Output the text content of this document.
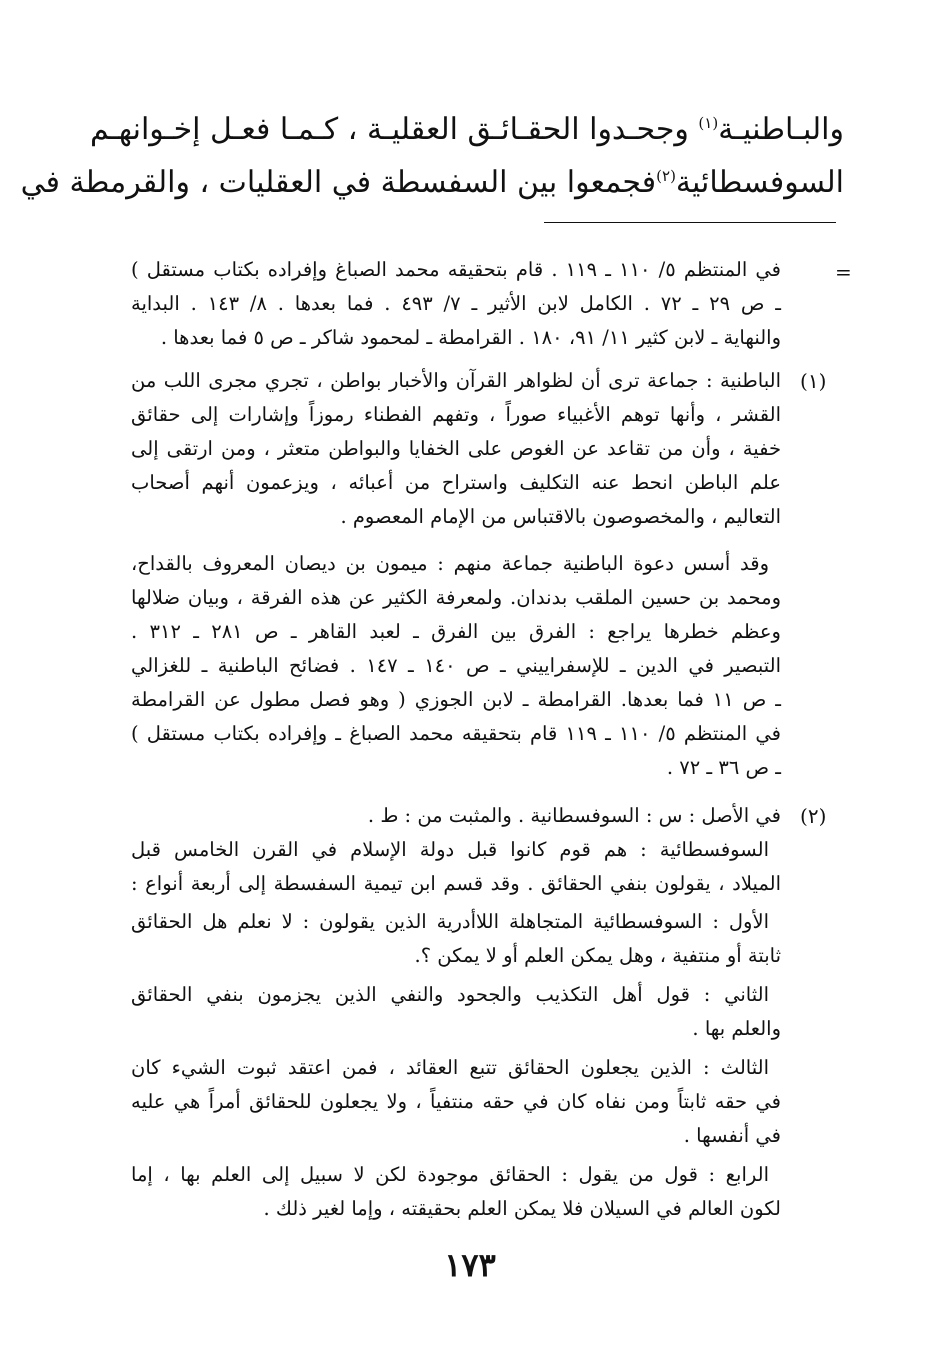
والبـاطنيـة$^{(١)}$ وجحـدوا الحقـائـق العقليـة ، كـمـا فعـل إخـوانهـم
السوفسطائية$^{(٢)}$فجمعوا بين السفسطة في العقليات ، والقرمطة في
=
في المنتظم ٥/ ١١٠ ـ ١١٩ . قام بتحقيقه محمد الصباغ وإفراده بكتاب مستقل )
ـ ص ٢٩ ـ ٧٢ . الكامل لابن الأثير ـ ٧/ ٤٩٣ . فما بعدها . ٨/ ١٤٣ . البداية
والنهاية ـ لابن كثير ١١/ ٩١، ١٨٠ . القرامطة ـ لمحمود شاكر ـ ص ٥ فما بعدها .
(١)
الباطنية : جماعة ترى أن لظواهر القرآن والأخبار بواطن ، تجري مجرى اللب من
القشر ، وأنها توهم الأغبياء صوراً ، وتفهم الفطناء رموزاً وإشارات إلى حقائق
خفية ، وأن من تقاعد عن الغوص على الخفايا والبواطن متعثر ، ومن ارتقى إلى
علم الباطن انحط عنه التكليف واستراح من أعبائه ، ويزعمون أنهم أصحاب
التعاليم ، والمخصوصون بالاقتباس من الإمام المعصوم .
وقد أسس دعوة الباطنية جماعة منهم : ميمون بن ديصان المعروف بالقداح،
ومحمد بن حسين الملقب بدندان. ولمعرفة الكثير عن هذه الفرقة ، وبيان ضلالها
وعظم خطرها يراجع : الفرق بين الفرق ـ لعبد القاهر ـ ص ٢٨١ ـ ٣١٢ .
التبصير في الدين ـ للإسفراييني ـ ص ١٤٠ ـ ١٤٧ . فضائح الباطنية ـ للغزالي
ـ ص ١١ فما بعدها. القرامطة ـ لابن الجوزي ( وهو فصل مطول عن القرامطة
في المنتظم ٥/ ١١٠ ـ ١١٩ قام بتحقيقه محمد الصباغ ـ وإفراده بكتاب مستقل )
ـ ص ٣٦ ـ ٧٢ .
(٢)
في الأصل : س : السوفسطانية . والمثبت من : ط .
السوفسطائية : هم قوم كانوا قبل دولة الإسلام في القرن الخامس قبل
الميلاد ، يقولون بنفي الحقائق . وقد قسم ابن تيمية السفسطة إلى أربعة أنواع :
الأول : السوفسطائية المتجاهلة اللاأدرية الذين يقولون : لا نعلم هل الحقائق
ثابتة أو منتفية ، وهل يمكن العلم أو لا يمكن ؟.
الثاني : قول أهل التكذيب والجحود والنفي الذين يجزمون بنفي الحقائق
والعلم بها .
الثالث : الذين يجعلون الحقائق تتبع العقائد ، فمن اعتقد ثبوت الشيء كان
في حقه ثابتاً ومن نفاه كان في حقه منتفياً ، ولا يجعلون للحقائق أمراً هي عليه
في أنفسها .
الرابع : قول من يقول : الحقائق موجودة لكن لا سبيل إلى العلم بها ، إما
لكون العالم في السيلان فلا يمكن العلم بحقيقته ، وإما لغير ذلك .
١٧٣
